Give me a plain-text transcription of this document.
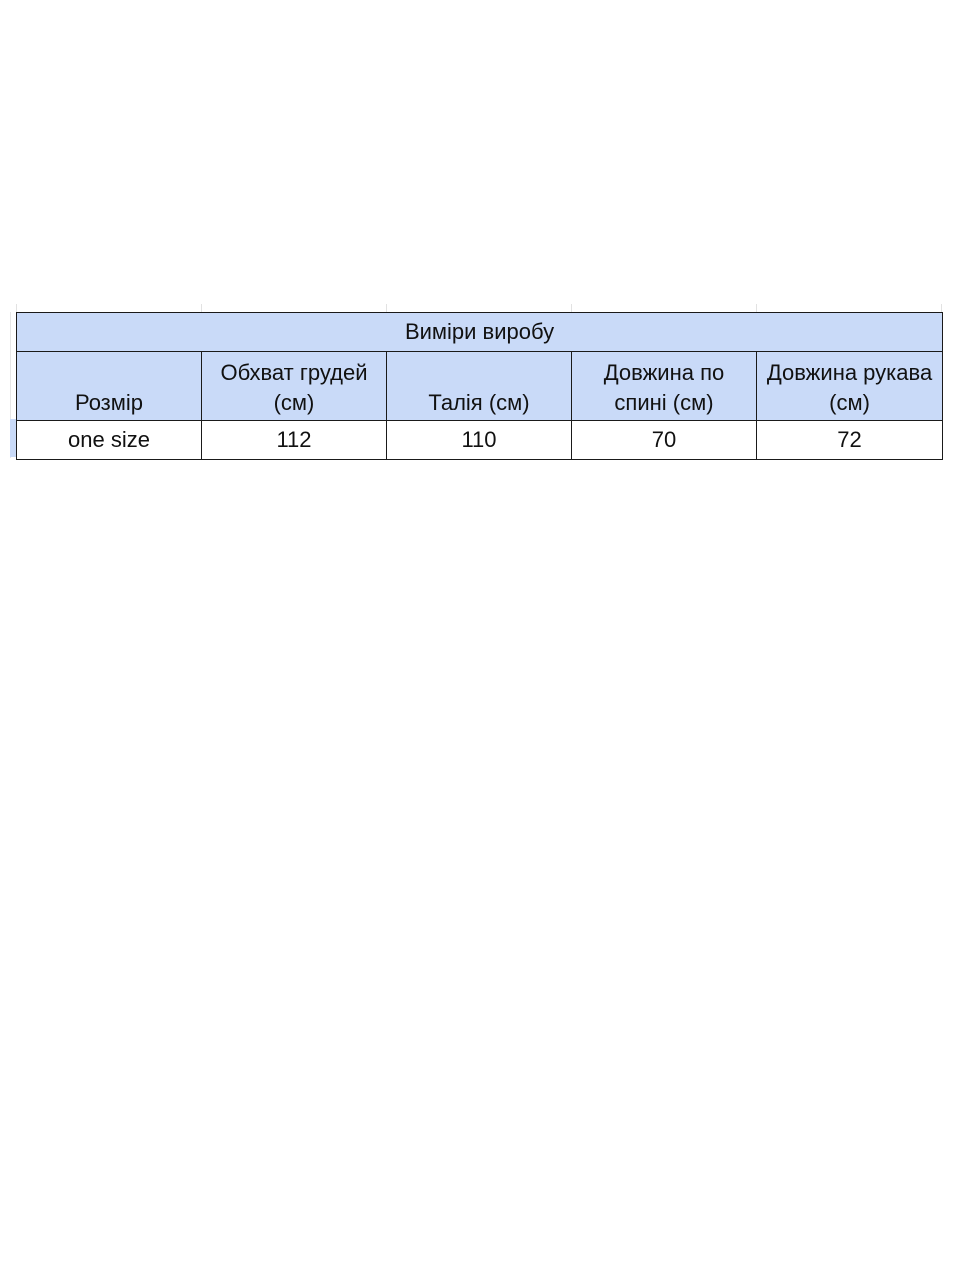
Виміри виробу				
Розмір	Обхват грудей (см)	Талія (см)	Довжина по спині (см)	Довжина рукава (см)
one size	112	110	70	72
